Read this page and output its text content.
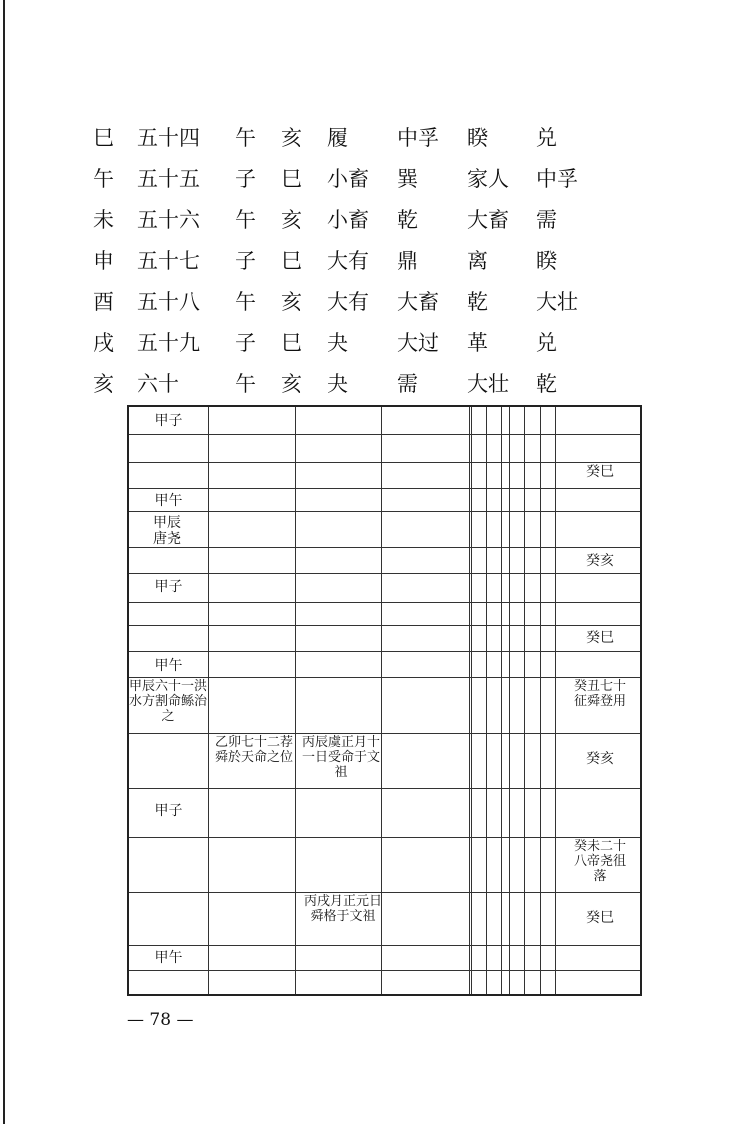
巳 五十四 午 亥 履 中孚 睽 兑
午 五十五 子 巳 小畜 巽 家人 中孚
未 五十六 午 亥 小畜 乾 大畜 需
申 五十七 子 巳 大有 鼎 离 睽
酉 五十八 午 亥 大有 大畜 乾 大壮
戌 五十九 子 巳 夬 大过 革 兑
亥 六十	午 亥 夬 需 大壮 乾
甲子
甲午
甲辰唐尧
甲子
甲午
甲辰六十一洪水方割命鲧治之
甲子
甲午
乙卯七十二荐舜於天命之位
丙辰虞正月十一日受命于文祖
丙戌月正元日舜格于文祖
癸巳
癸亥
癸巳
癸丑七十征舜登用
癸亥
癸未二十八帝尧徂落
癸巳
— 78 —
